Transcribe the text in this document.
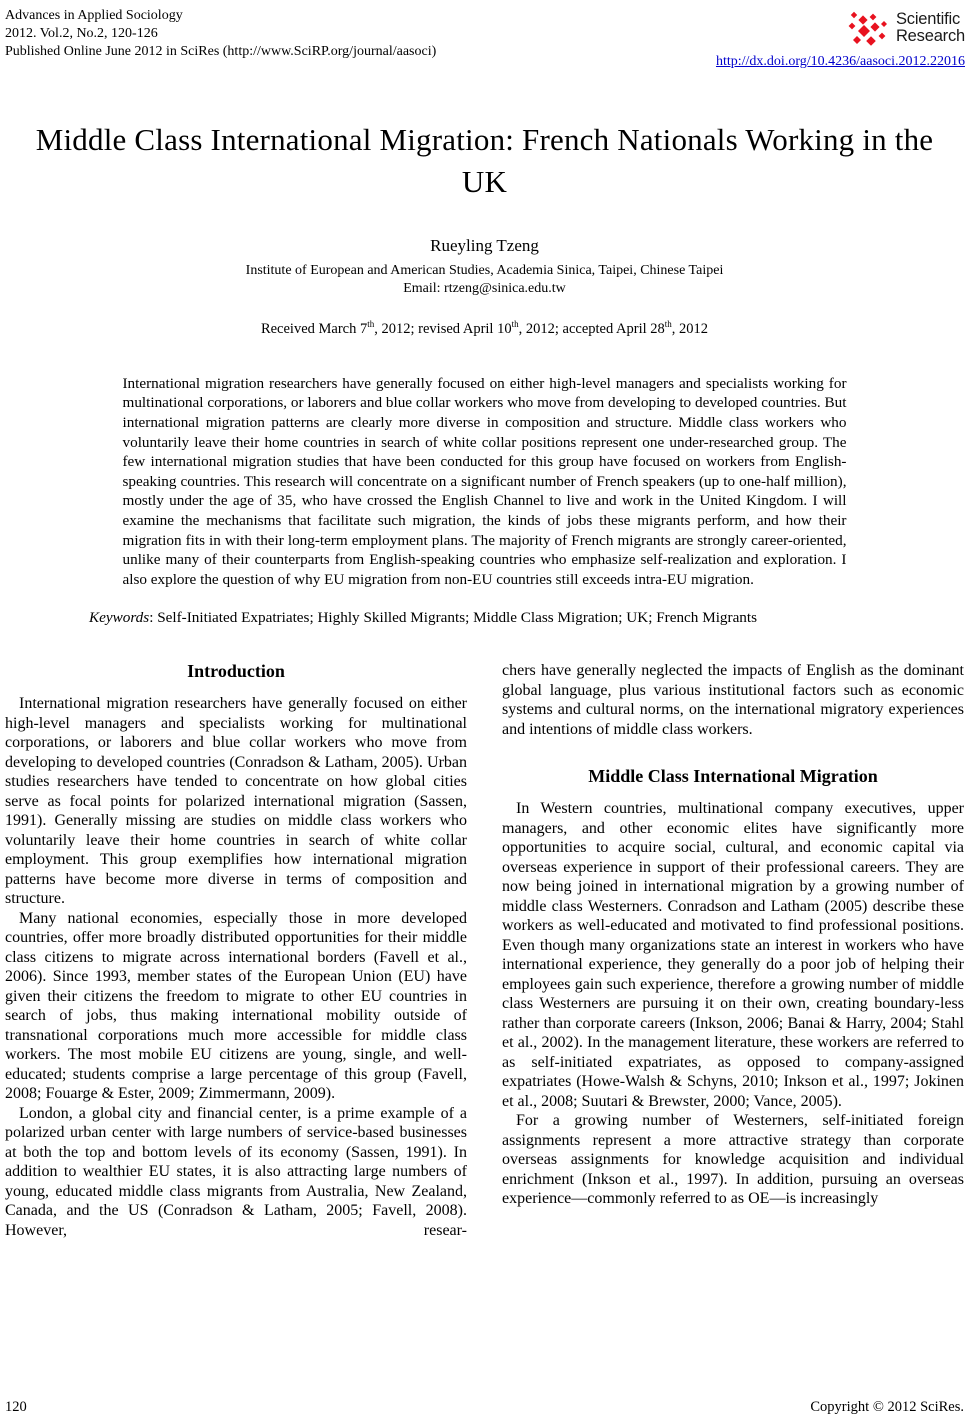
Advances in Applied Sociology
2012. Vol.2, No.2, 120-126
Published Online June 2012 in SciRes (http://www.SciRP.org/journal/aasoci)
Scientific
Research
http://dx.doi.org/10.4236/aasoci.2012.22016
Middle Class International Migration: French Nationals Working in the UK
Rueyling Tzeng
Institute of European and American Studies, Academia Sinica, Taipei, Chinese Taipei
Email: rtzeng@sinica.edu.tw
Received March 7th, 2012; revised April 10th, 2012; accepted April 28th, 2012

International migration researchers have generally focused on either high-level managers and specialists working for multinational corporations, or laborers and blue collar workers who move from developing to developed countries. But international migration patterns are clearly more diverse in composition and structure. Middle class workers who voluntarily leave their home countries in search of white collar positions represent one under-researched group. The few international migration studies that have been conducted for this group have focused on workers from English-speaking countries. This research will concentrate on a significant number of French speakers (up to one-half million), mostly under the age of 35, who have crossed the English Channel to live and work in the United Kingdom. I will examine the mechanisms that facilitate such migration, the kinds of jobs these migrants perform, and how their migration fits in with their long-term employment plans. The majority of French migrants are strongly career-oriented, unlike many of their counterparts from English-speaking countries who emphasize self-realization and exploration. I also explore the question of why EU migration from non-EU countries still exceeds intra-EU migration.

Keywords: Self-Initiated Expatriates; Highly Skilled Migrants; Middle Class Migration; UK; French Migrants

Introduction

International migration researchers have generally focused on either high-level managers and specialists working for multinational corporations, or laborers and blue collar workers who move from developing to developed countries (Conradson & Latham, 2005). Urban studies researchers have tended to concentrate on how global cities serve as focal points for polarized international migration (Sassen, 1991). Generally missing are studies on middle class workers who voluntarily leave their home countries in search of white collar employment. This group exemplifies how international migration patterns have become more diverse in terms of composition and structure.

Many national economies, especially those in more developed countries, offer more broadly distributed opportunities for their middle class citizens to migrate across international borders (Favell et al., 2006). Since 1993, member states of the European Union (EU) have given their citizens the freedom to migrate to other EU countries in search of jobs, thus making international mobility outside of transnational corporations much more accessible for middle class workers. The most mobile EU citizens are young, single, and well-educated; students comprise a large percentage of this group (Favell, 2008; Fouarge & Ester, 2009; Zimmermann, 2009).

London, a global city and financial center, is a prime example of a polarized urban center with large numbers of service-based businesses at both the top and bottom levels of its economy (Sassen, 1991). In addition to wealthier EU states, it is also attracting large numbers of young, educated middle class migrants from Australia, New Zealand, Canada, and the US (Conradson & Latham, 2005; Favell, 2008). However, resear-

chers have generally neglected the impacts of English as the dominant global language, plus various institutional factors such as economic systems and cultural norms, on the international migratory experiences and intentions of middle class workers.

Middle Class International Migration

In Western countries, multinational company executives, upper managers, and other economic elites have significantly more opportunities to acquire social, cultural, and economic capital via overseas experience in support of their professional careers. They are now being joined in international migration by a growing number of middle class Westerners. Conradson and Latham (2005) describe these workers as well-educated and motivated to find professional positions. Even though many organizations state an interest in workers who have international experience, they generally do a poor job of helping their employees gain such experience, therefore a growing number of middle class Westerners are pursuing it on their own, creating boundary-less rather than corporate careers (Inkson, 2006; Banai & Harry, 2004; Stahl et al., 2002). In the management literature, these workers are referred to as self-initiated expatriates, as opposed to company-assigned expatriates (Howe-Walsh & Schyns, 2010; Inkson et al., 1997; Jokinen et al., 2008; Suutari & Brewster, 2000; Vance, 2005).

For a growing number of Westerners, self-initiated foreign assignments represent a more attractive strategy than corporate overseas assignments for knowledge acquisition and individual enrichment (Inkson et al., 1997). In addition, pursuing an overseas experience—commonly referred to as OE—is increasingly

120	Copyright © 2012 SciRes.
